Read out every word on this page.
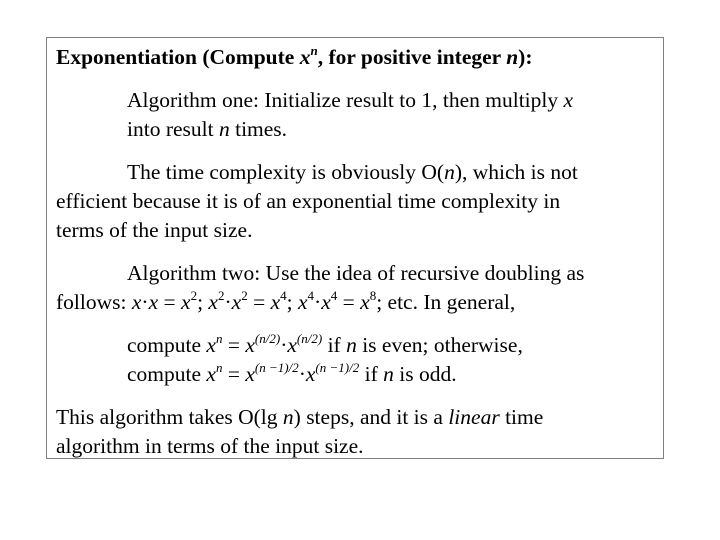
Exponentiation (Compute $x^n$, for positive integer n):
Algorithm one: Initialize result to 1, then multiply x
into result n times.
The time complexity is obviously O(n), which is not
efficient because it is of an exponential time complexity in
terms of the input size.
Algorithm two: Use the idea of recursive doubling as
follows: $x\cdot x = x^2$; $x^2\cdot x^2 = x^4$; $x^4\cdot x^4 = x^8$; etc. In general,
compute $x^n = x^{(n/2)}\cdot x^{(n/2)}$ if n is even; otherwise,
compute $x^n = x^{(n -1)/2}\cdot x^{(n -1)/2}$ if n is odd.
This algorithm takes O(lg n) steps, and it is a linear time
algorithm in terms of the input size.
